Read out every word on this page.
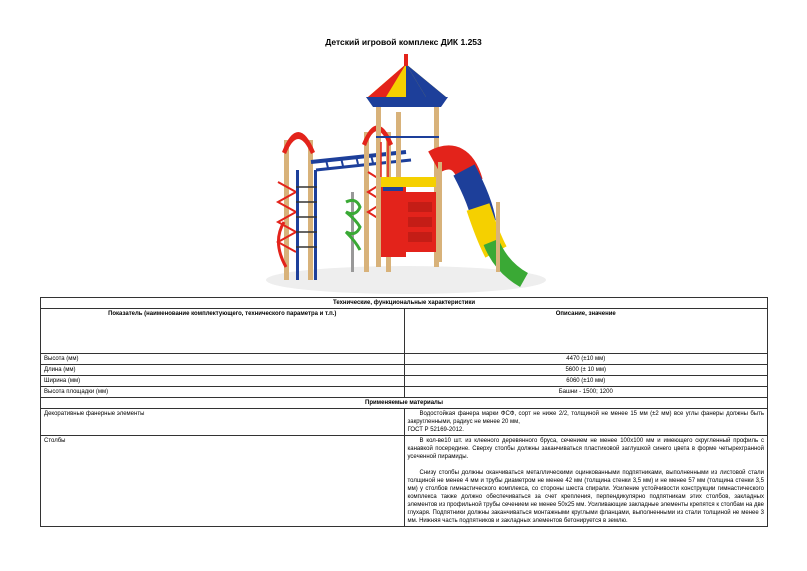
Детский игровой комплекс ДИК 1.253
Технические, функциональные характеристики	
Показатель (наименование комплектующего, технического параметра и т.п.)	Описание, значение
Высота (мм)	4470 (±10 мм)
Длина (мм)	5600 (± 10 мм)
Ширина (мм)	6060 (±10 мм)
Высота площадки (мм)	Башни - 1500; 1200
Применяемые материалы	
Декоративные фанерные элементы	Водостойкая фанера марки ФСФ, сорт не ниже 2/2, толщиной не менее 15 мм (±2 мм) все углы фанеры должны быть закругленными, радиус не менее 20 мм,

ГОСТ Р 52169-2012.

Столбы	В кол-ве10 шт. из клееного деревянного бруса, сечением не менее 100х100 мм и имеющего скругленный профиль с канавкой посередине. Сверху столбы должны заканчиваться пластиковой заглушкой синего цвета в форме четырехгранной усеченной пирамиды.

Снизу столбы должны оканчиваться металлическими оцинкованными подпятниками, выполненными из листовой стали толщиной не менее 4 мм и трубы диаметром не менее 42 мм (толщина стенки 3,5 мм) и не менее 57 мм (толщина стенки 3,5 мм) у столбов гимнастического комплекса, со стороны шеста спирали. Усиление устойчивости конструкции гимнастического комплекса также должно обеспечиваться за счет крепления, перпендикулярно подпятникам этих столбов, закладных элементов из профильной трубы сечением не менее 50х25 мм. Усиливающие закладные элементы крепятся к столбам на две глухаря. Подпятники должны заканчиваться монтажными круглыми фланцами, выполненными из стали толщиной не менее 3 мм. Нижняя часть подпятников и закладных элементов бетонируется в землю.
